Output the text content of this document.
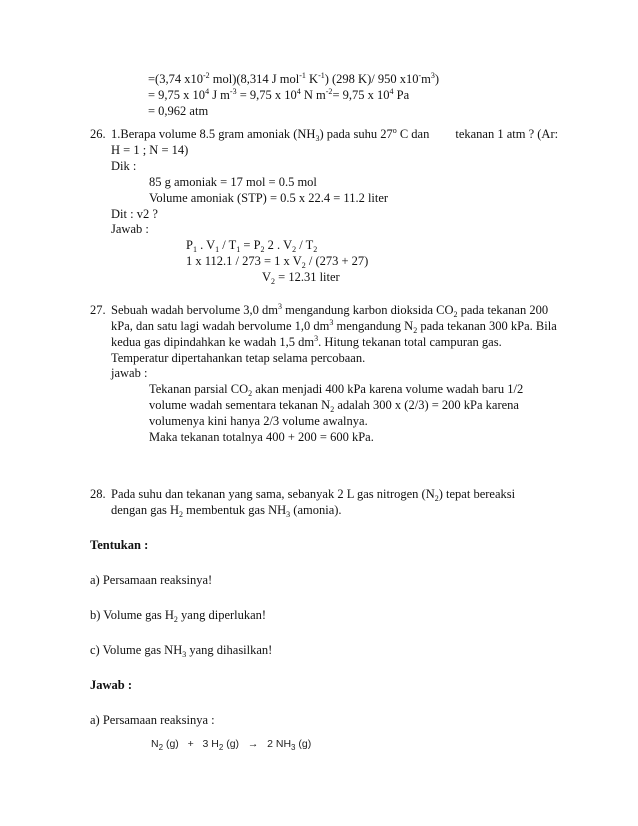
=(3,74 $x10^{-2}$ mol)(8,314 J mol$^{-1}$ $K^{-1}$) (298 K)/ 950 $x10^-m^3$)
= 9,75 x $10^4$ J $m^{-3} = 9,75$ x $10^4$ N $m^{-2}= 9,75$ x $10^4$ Pa
= 0,962 atm
26. 1.Berapa volume 8.5 gram amoniak $(NH_3)$ pada suhu 27$^o$ C dan tekanan 1 atm ? (Ar:
H = 1 ; N = 14)
Dik :
85 g amoniak = 17 mol = 0.5 mol
Volume amoniak (STP) = 0.5 x 22.4 = 11.2 liter
Dit : v2 ?
Jawab :
$P_1$ . $V_1 / T_1 = P_2$ 2 . $V_2 / T_2$
1 x 112.1 / 273 = 1 x $V_2 / (273 + 27)$
$V_2 = 12.31$ liter
27. Sebuah wadah bervolume 3,0 $dm^3$ mengandung karbon dioksida $CO_2$ pada tekanan 200
kPa, dan satu lagi wadah bervolume 1,0 $dm^3$ mengandung $N_2$ pada tekanan 300 kPa. Bila
kedua gas dipindahkan ke wadah 1,5 $dm^3$. Hitung tekanan total campuran gas.
Temperatur dipertahankan tetap selama percobaan.
jawab :
Tekanan parsial $CO_2$ akan menjadi 400 kPa karena volume wadah baru 1/2
volume wadah sementara tekanan $N_2$ adalah 300 x (2/3) = 200 kPa karena
volumenya kini hanya 2/3 volume awalnya.
Maka tekanan totalnya 400 + 200 = 600 kPa.
28. Pada suhu dan tekanan yang sama, sebanyak 2 L gas nitrogen $(N_2)$ tepat bereaksi
dengan gas $H_2$ membentuk gas $NH_3$ (amonia).
Tentukan :
a) Persamaan reaksinya!
b) Volume gas $H_2$ yang diperlukan!
c) Volume gas $NH_3$ yang dihasilkan!
Jawab :
a) Persamaan reaksinya :
$N_2$ (g) + 3 $H_2$ (g) → 2 $NH_3$ (g)
